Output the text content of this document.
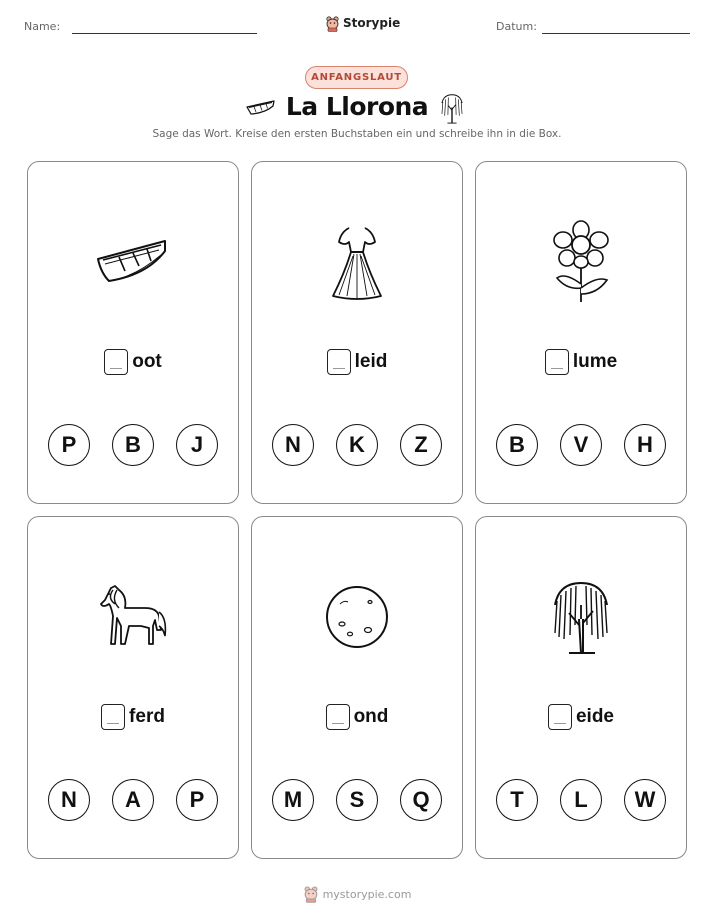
Name:	Storypie	Datum:
ANFANGSLAUT
La Llorona
Sage das Wort. Kreise den ersten Buchstaben ein und schreibe ihn in die Box.
oot
P	B	J
leid
N	K	Z
lume
B	V	H
ferd
N	A	P
ond
M	S	Q
eide
T	L	W
mystorypie.com
